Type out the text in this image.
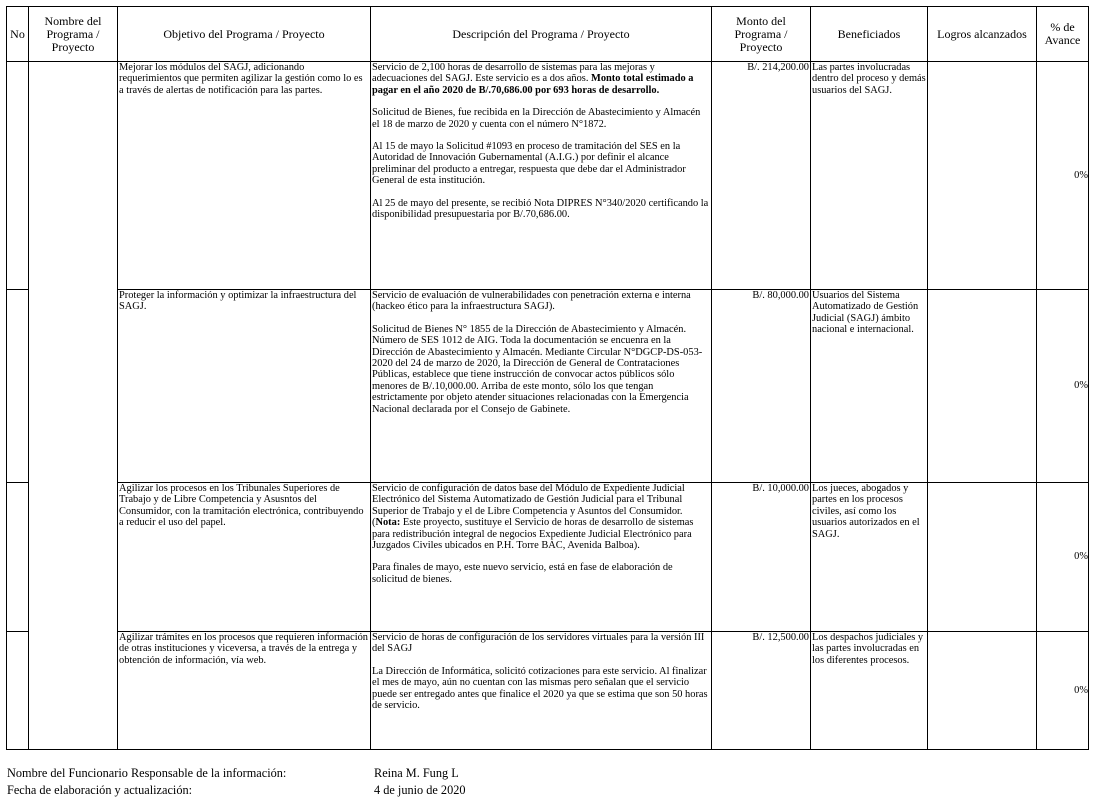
No	Nombre del Programa / Proyecto	Objetivo del Programa / Proyecto	Descripción del Programa / Proyecto	Monto del Programa / Proyecto	Beneficiados	Logros alcanzados	% de Avance
		Mejorar los módulos del SAGJ, adicionando requerimientos que permiten agilizar la gestión como lo es a través de alertas de notificación para las partes.	Servicio de 2,100 horas de desarrollo de sistemas para las mejoras y adecuaciones del SAGJ. Este servicio es a dos años. Monto total estimado a pagar en el año 2020 de B/.70,686.00 por 693 horas de desarrollo.

Solicitud de Bienes, fue recibida en la Dirección de Abastecimiento y Almacén el 18 de marzo de 2020 y cuenta con el número N°1872.

Al 15 de mayo la Solicitud #1093 en proceso de tramitación del SES en la Autoridad de Innovación Gubernamental (A.I.G.) por definir el alcance preliminar del producto a entregar, respuesta que debe dar el Administrador General de esta institución.

Al 25 de mayo del presente, se recibió Nota DIPRES N°340/2020 certificando la disponibilidad presupuestaria por B/.70,686.00.	B/. 214,200.00	Las partes involucradas dentro del proceso y demás usuarios del SAGJ.		0%
		Proteger la información y optimizar la infraestructura del SAGJ.	Servicio de evaluación de vulnerabilidades con penetración externa e interna (hackeo ético para la infraestructura SAGJ).

Solicitud de Bienes N° 1855 de la Dirección de Abastecimiento y Almacén. Número de SES 1012 de AIG. Toda la documentación se encuenra en la Dirección de Abastecimiento y Almacén. Mediante Circular N°DGCP-DS-053-2020 del 24 de marzo de 2020, la Dirección de General de Contrataciones Públicas, establece que tiene instrucción de convocar actos públicos sólo menores de B/.10,000.00. Arriba de este monto, sólo los que tengan estrictamente por objeto atender situaciones relacionadas con la Emergencia Nacional declarada por el Consejo de Gabinete.	B/. 80,000.00	Usuarios del Sistema Automatizado de Gestión Judicial (SAGJ) ámbito nacional e internacional.		0%
		Agilizar los procesos en los Tribunales Superiores de Trabajo y de Libre Competencia y Asusntos del Consumidor, con la tramitación electrónica, contribuyendo a reducir el uso del papel.	Servicio de configuración de datos base del Módulo de Expediente Judicial Electrónico del Sistema Automatizado de Gestión Judicial para el Tribunal Superior de Trabajo y el de Libre Competencia y Asuntos del Consumidor. (Nota: Este proyecto, sustituye el Servicio de horas de desarrollo de sistemas para redistribución integral de negocios Expediente Judicial Electrónico para Juzgados Civiles ubicados en P.H. Torre BAC, Avenida Balboa).

Para finales de mayo, este nuevo servicio, está en fase de elaboración de solicitud de bienes.	B/. 10,000.00	Los jueces, abogados y partes en los procesos civiles, así como los usuarios autorizados en el SAGJ.		0%
		Agilizar trámites en los procesos que requieren información de otras instituciones y viceversa, a través de la entrega y obtención de información, vía web.	Servicio de horas de configuración de los servidores virtuales para la versión III del SAGJ

La Dirección de Informática, solicitó cotizaciones para este servicio. Al finalizar el mes de mayo, aún no cuentan con las mismas pero señalan que el servicio puede ser entregado antes que finalice el 2020 ya que se estima que son 50 horas de servicio.	B/. 12,500.00	Los despachos judiciales y las partes involucradas en los diferentes procesos.		0%
Nombre del Funcionario Responsable de la información:	Reina M. Fung L
Fecha de elaboración y actualización:	4 de junio de 2020
